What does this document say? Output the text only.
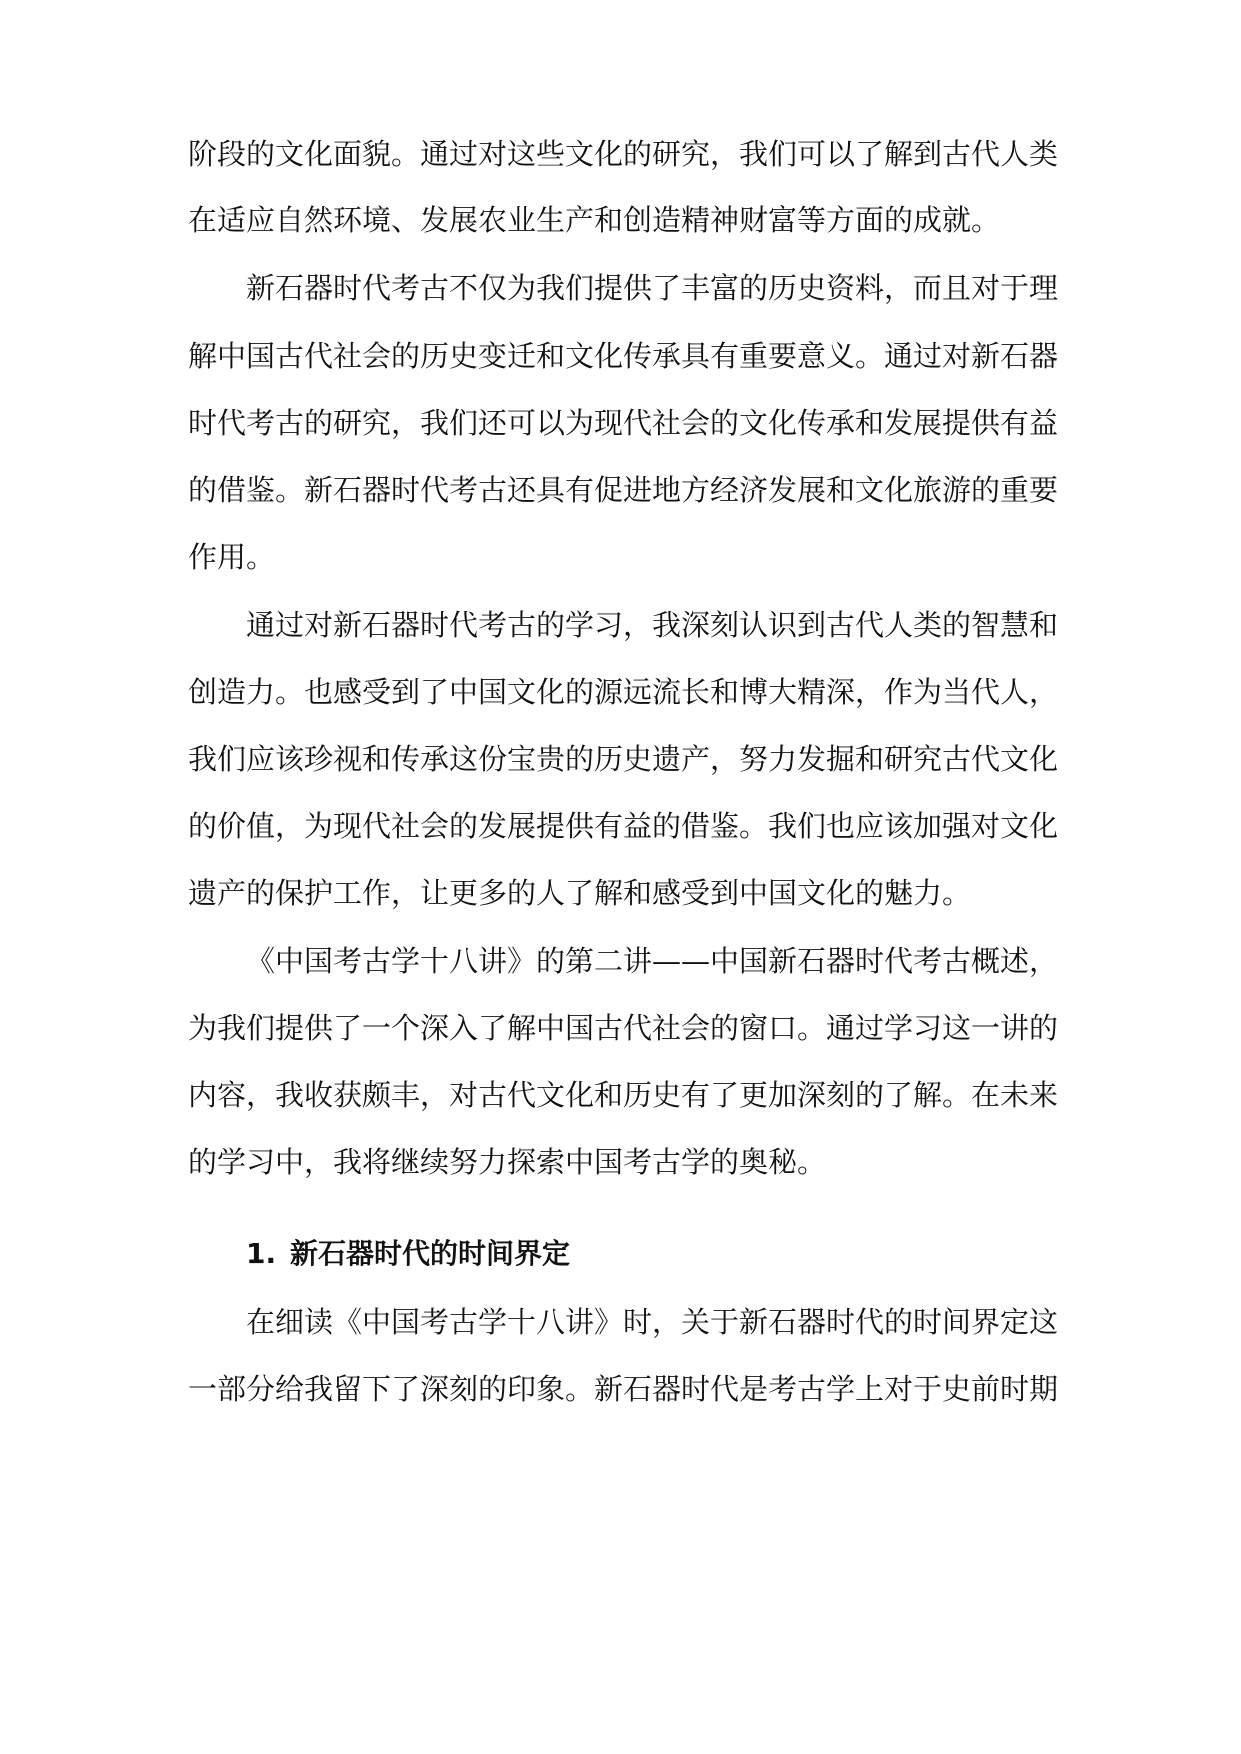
阶段的文化面貌。通过对这些文化的研究，我们可以了解到古代人类
在适应自然环境、发展农业生产和创造精神财富等方面的成就。
新石器时代考古不仅为我们提供了丰富的历史资料，而且对于理
解中国古代社会的历史变迁和文化传承具有重要意义。通过对新石器
时代考古的研究，我们还可以为现代社会的文化传承和发展提供有益
的借鉴。新石器时代考古还具有促进地方经济发展和文化旅游的重要
作用。
通过对新石器时代考古的学习，我深刻认识到古代人类的智慧和
创造力。也感受到了中国文化的源远流长和博大精深，作为当代人，
我们应该珍视和传承这份宝贵的历史遗产，努力发掘和研究古代文化
的价值，为现代社会的发展提供有益的借鉴。我们也应该加强对文化
遗产的保护工作，让更多的人了解和感受到中国文化的魅力。
《中国考古学十八讲》的第二讲——中国新石器时代考古概述，
为我们提供了一个深入了解中国古代社会的窗口。通过学习这一讲的
内容，我收获颇丰，对古代文化和历史有了更加深刻的了解。在未来
的学习中，我将继续努力探索中国考古学的奥秘。
1. 新石器时代的时间界定
在细读《中国考古学十八讲》时，关于新石器时代的时间界定这
一部分给我留下了深刻的印象。新石器时代是考古学上对于史前时期
